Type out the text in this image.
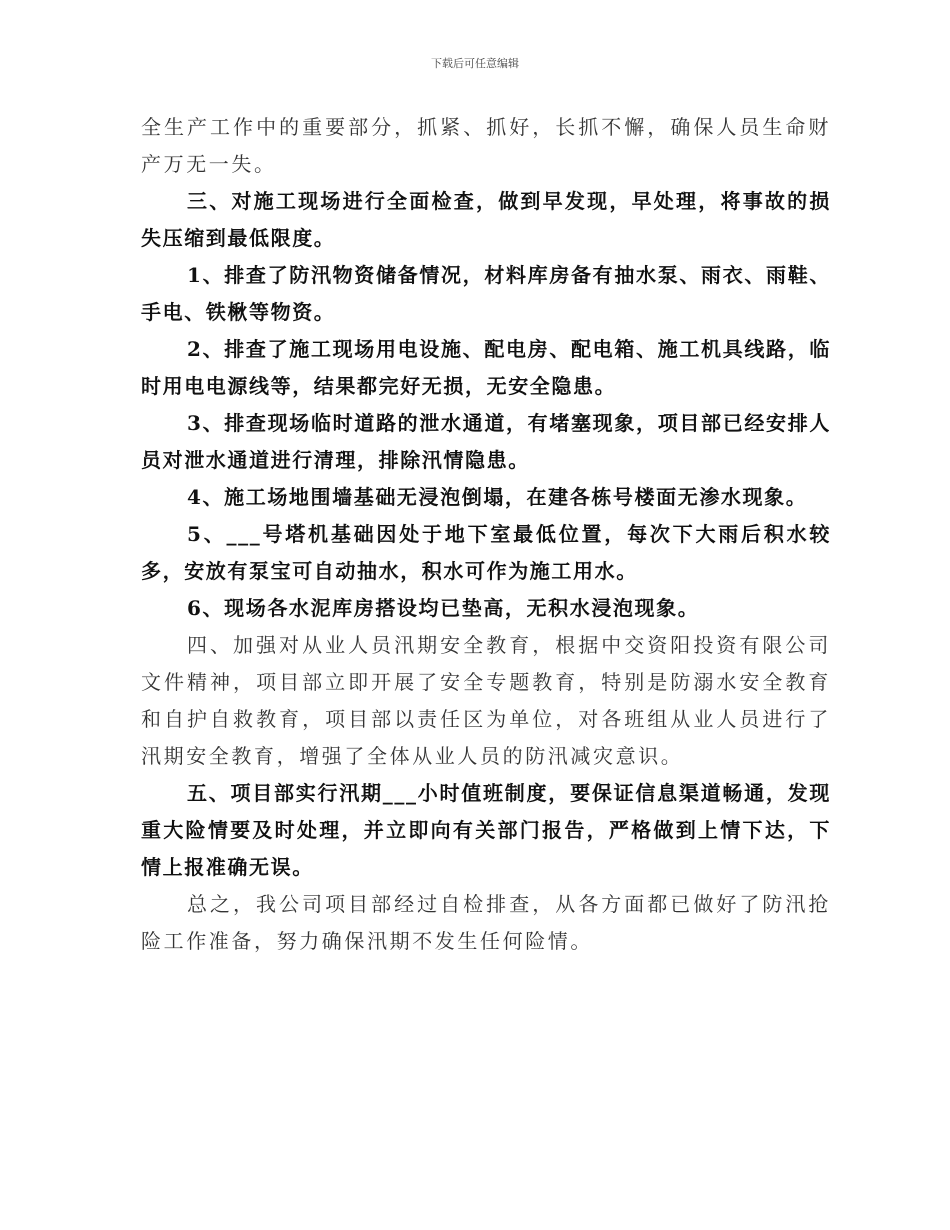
下载后可任意编辑

全生产工作中的重要部分，抓紧、抓好，长抓不懈，确保人员生命财产万无一失。

三、对施工现场进行全面检查，做到早发现，早处理，将事故的损失压缩到最低限度。

1、排查了防汛物资储备情况，材料库房备有抽水泵、雨衣、雨鞋、手电、铁楸等物资。

2、排查了施工现场用电设施、配电房、配电箱、施工机具线路，临时用电电源线等，结果都完好无损，无安全隐患。

3、排查现场临时道路的泄水通道，有堵塞现象，项目部已经安排人员对泄水通道进行清理，排除汛情隐患。

4、施工场地围墙基础无浸泡倒塌，在建各栋号楼面无渗水现象。

5、___号塔机基础因处于地下室最低位置，每次下大雨后积水较多，安放有泵宝可自动抽水，积水可作为施工用水。

6、现场各水泥库房搭设均已垫高，无积水浸泡现象。

四、加强对从业人员汛期安全教育，根据中交资阳投资有限公司文件精神，项目部立即开展了安全专题教育，特别是防溺水安全教育和自护自救教育，项目部以责任区为单位，对各班组从业人员进行了汛期安全教育，增强了全体从业人员的防汛减灾意识。

五、项目部实行汛期___小时值班制度，要保证信息渠道畅通，发现重大险情要及时处理，并立即向有关部门报告，严格做到上情下达，下情上报准确无误。

总之，我公司项目部经过自检排查，从各方面都已做好了防汛抢险工作准备，努力确保汛期不发生任何险情。
